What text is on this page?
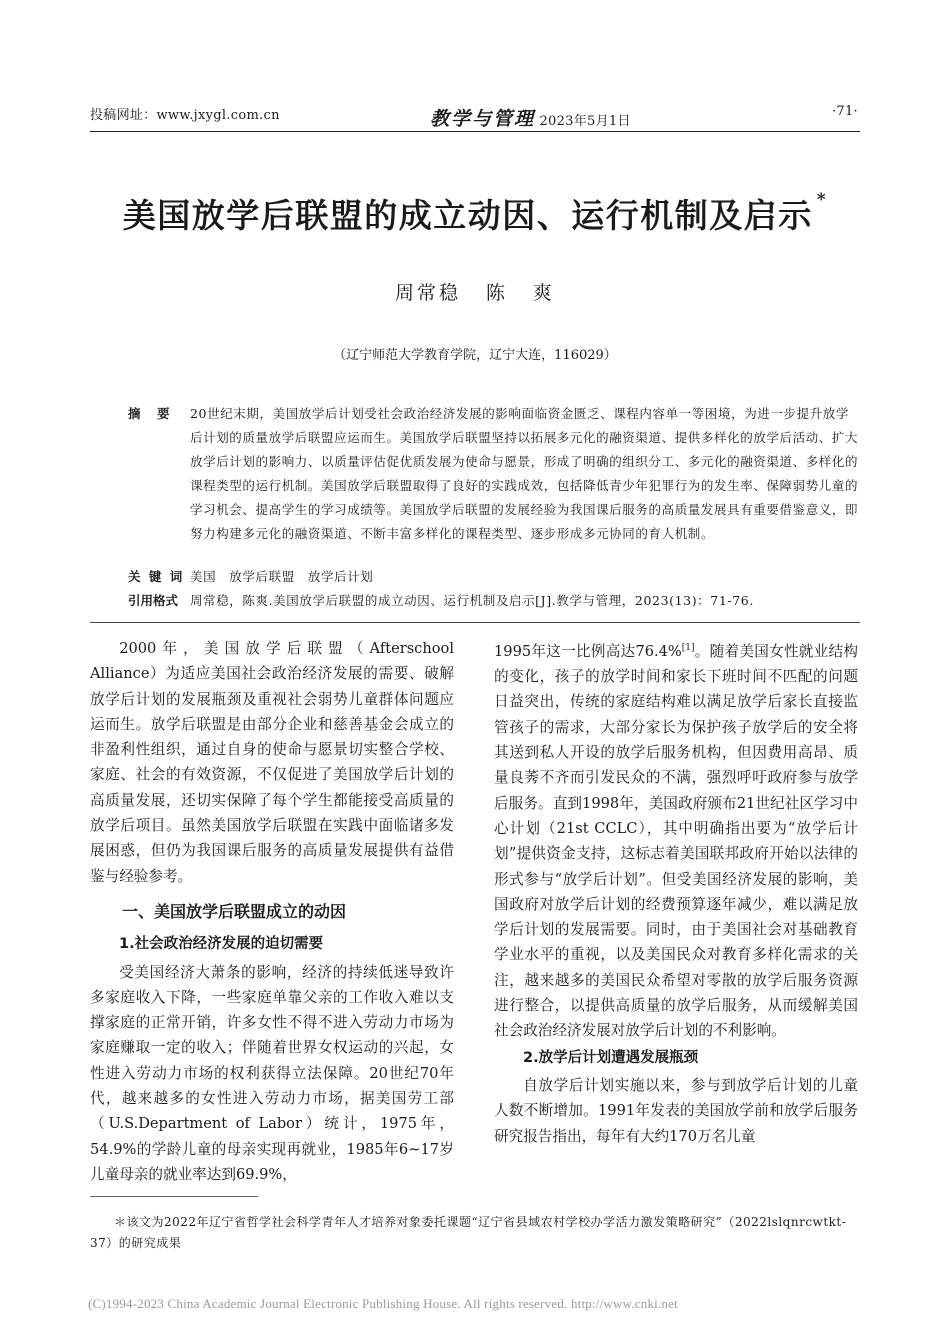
投稿网址：www.jxygl.com.cn	教学与管理 2023年5月1日
·71·
美国放学后联盟的成立动因、运行机制及启示 *
周常稳 陈 爽
（辽宁师范大学教育学院，辽宁大连，116029）
摘　要 20世纪末期，美国放学后计划受社会政治经济发展的影响面临资金匮乏、课程内容单一等困境，为进一步提升放学后计划的质量放学后联盟应运而生。美国放学后联盟坚持以拓展多元化的融资渠道、提供多样化的放学后活动、扩大放学后计划的影响力、以质量评估促优质发展为使命与愿景，形成了明确的组织分工、多元化的融资渠道、多样化的课程类型的运行机制。美国放学后联盟取得了良好的实践成效，包括降低青少年犯罪行为的发生率、保障弱势儿童的学习机会、提高学生的学习成绩等。美国放学后联盟的发展经验为我国课后服务的高质量发展具有重要借鉴意义，即努力构建多元化的融资渠道、不断丰富多样化的课程类型、逐步形成多元协同的育人机制。
关 键 词 美国　放学后联盟　放学后计划
引用格式 周常稳，陈爽.美国放学后联盟的成立动因、运行机制及启示[J].教学与管理，2023(13)：71-76.

2000年，美国放学后联盟（Afterschool Alliance）为适应美国社会政治经济发展的需要、破解放学后计划的发展瓶颈及重视社会弱势儿童群体问题应运而生。放学后联盟是由部分企业和慈善基金会成立的非盈利性组织，通过自身的使命与愿景切实整合学校、家庭、社会的有效资源，不仅促进了美国放学后计划的高质量发展，还切实保障了每个学生都能接受高质量的放学后项目。虽然美国放学后联盟在实践中面临诸多发展困惑，但仍为我国课后服务的高质量发展提供有益借鉴与经验参考。

一、美国放学后联盟成立的动因
1.社会政治经济发展的迫切需要

受美国经济大萧条的影响，经济的持续低迷导致许多家庭收入下降，一些家庭单靠父亲的工作收入难以支撑家庭的正常开销，许多女性不得不进入劳动力市场为家庭赚取一定的收入；伴随着世界女权运动的兴起，女性进入劳动力市场的权利获得立法保障。20世纪70年代，越来越多的女性进入劳动力市场，据美国劳工部（U.S.Department of Labor）统计，1975年，54.9%的学龄儿童的母亲实现再就业，1985年6~17岁儿童母亲的就业率达到69.9%，

1995年这一比例高达76.4%[1]。随着美国女性就业结构的变化，孩子的放学时间和家长下班时间不匹配的问题日益突出，传统的家庭结构难以满足放学后家长直接监管孩子的需求，大部分家长为保护孩子放学后的安全将其送到私人开设的放学后服务机构，但因费用高昂、质量良莠不齐而引发民众的不满，强烈呼吁政府参与放学后服务。直到1998年，美国政府颁布21世纪社区学习中心计划（21st CCLC），其中明确指出要为“放学后计划”提供资金支持，这标志着美国联邦政府开始以法律的形式参与“放学后计划”。但受美国经济发展的影响，美国政府对放学后计划的经费预算逐年减少，难以满足放学后计划的发展需要。同时，由于美国社会对基础教育学业水平的重视，以及美国民众对教育多样化需求的关注，越来越多的美国民众希望对零散的放学后服务资源进行整合，以提供高质量的放学后服务，从而缓解美国社会政治经济发展对放学后计划的不利影响。

2.放学后计划遭遇发展瓶颈

自放学后计划实施以来，参与到放学后计划的儿童人数不断增加。1991年发表的美国放学前和放学后服务研究报告指出，每年有大约170万名儿童

＊该文为2022年辽宁省哲学社会科学青年人才培养对象委托课题“辽宁省县域农村学校办学活力激发策略研究”（2022lslqnrcwtkt-37）的研究成果
(C)1994-2023 China Academic Journal Electronic Publishing House. All rights reserved. http://www.cnki.net
